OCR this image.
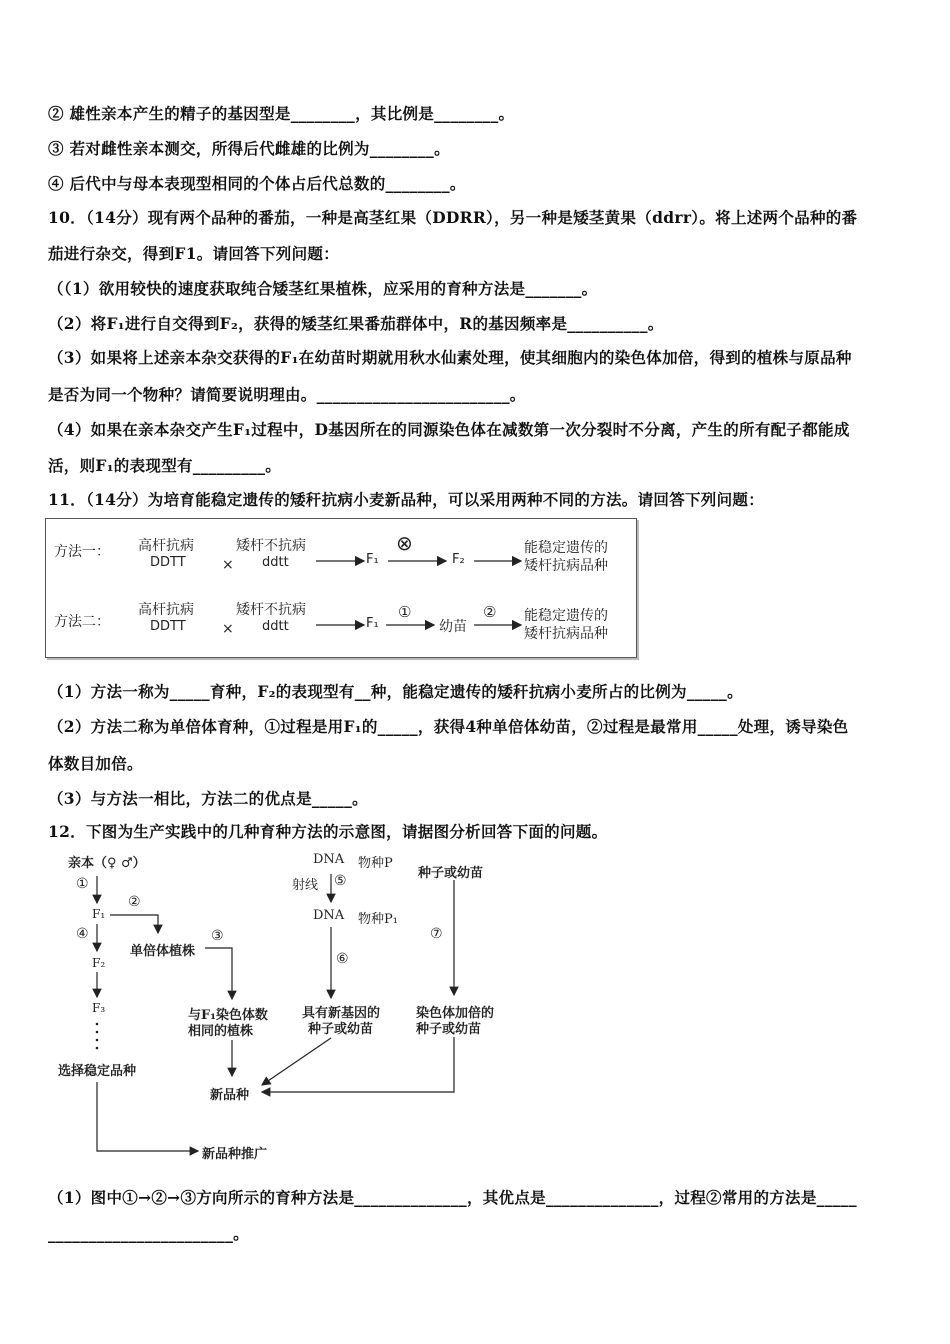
② 雄性亲本产生的精子的基因型是________，其比例是________。
③ 若对雌性亲本测交，所得后代雌雄的比例为________。
④ 后代中与母本表现型相同的个体占后代总数的________。
10．（14分）现有两个品种的番茄，一种是高茎红果（DDRR），另一种是矮茎黄果（ddrr）。将上述两个品种的番
茄进行杂交，得到F1。请回答下列问题：
（（1）欲用较快的速度获取纯合矮茎红果植株，应采用的育种方法是_______。
（2）将F₁进行自交得到F₂，获得的矮茎红果番茄群体中，R的基因频率是__________。
（3）如果将上述亲本杂交获得的F₁在幼苗时期就用秋水仙素处理，使其细胞内的染色体加倍，得到的植株与原品种
是否为同一个物种？请简要说明理由。________________________。
（4）如果在亲本杂交产生F₁过程中，D基因所在的同源染色体在减数第一次分裂时不分离，产生的所有配子都能成
活，则F₁的表现型有_________。
11．（14分）为培育能稳定遗传的矮秆抗病小麦新品种，可以采用两种不同的方法。请回答下列问题：
方法一： 高杆抗病
DDTT	×
矮杆不抗病
ddtt	F₁
⊗
F₂
能稳定遗传的
矮杆抗病品种
方法二：
高杆抗病
DDTT	×
矮杆不抗病
ddtt	F₁
①
幼苗
② 能稳定遗传的
矮杆抗病品种
（1）方法一称为_____育种，F₂的表现型有__种，能稳定遗传的矮秆抗病小麦所占的比例为_____。
（2）方法二称为单倍体育种，①过程是用F₁的_____，获得4种单倍体幼苗，②过程是最常用_____处理，诱导染色
体数目加倍。
（3）与方法一相比，方法二的优点是_____。
12．下图为生产实践中的几种育种方法的示意图，请据图分析回答下面的问题。
亲本（♀ ♂）
①
F₁
②
④
单倍体植株
③
F₂
F₃	与F₁染色体数
相同的植株
选择稳定品种
DNA 物种P
射线 ⑤
DNA 物种P₁
⑥
具有新基因的
种子或幼苗
种子或幼苗
⑦
染色体加倍的
种子或幼苗
新品种
新品种推广
（1）图中①→②→③方向所示的育种方法是______________，其优点是______________，过程②常用的方法是_____
_______________________。
